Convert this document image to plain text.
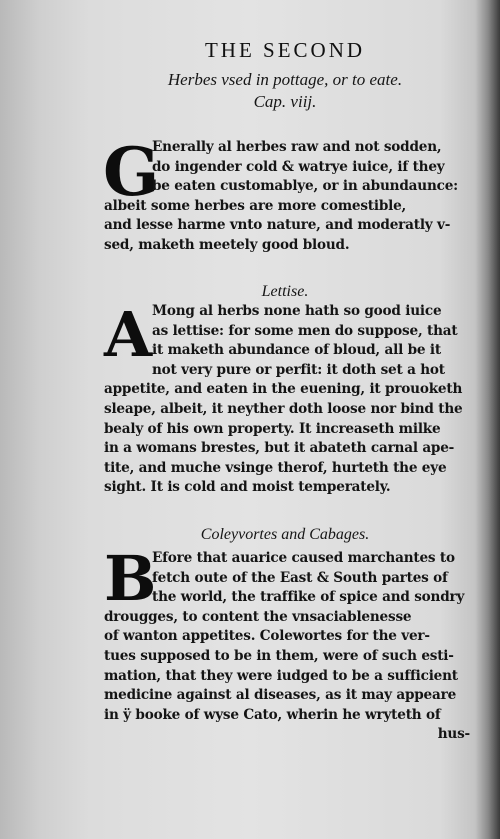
THE SECOND
Herbes vsed in pottage, or to eate.
Cap. viij.
G
Enerally al herbes raw and not sodden,
do ingender cold & watrye iuice, if they
be eaten customablye, or in abundaunce:
albeit some herbes are more comestible,
and lesse harme vnto nature, and moderatly v-
sed, maketh meetely good bloud.
Lettise.
A Mong al herbs none hath so good iuice
as lettise: for some men do suppose, that
it maketh abundance of bloud, all be it
not very pure or perfit: it doth set a hot
appetite, and eaten in the euening, it prouoketh
sleape, albeit, it neyther doth loose nor bind the
bealy of his own property. It increaseth milke
in a womans brestes, but it abateth carnal ape-
tite, and muche vsinge therof, hurteth the eye
sight. It is cold and moist temperately.
Coleyvortes and Cabages.
B
Efore that auarice caused marchantes to
fetch oute of the East & South partes of
the world, the traffike of spice and sondry
drougges, to content the vnsaciablenesse
of wanton appetites. Colewortes for the ver-
tues supposed to be in them, were of such esti-
mation, that they were iudged to be a sufficient
medicine against al diseases, as it may appeare
in ÿ booke of wyse Cato, wherin he wryteth of
hus-
